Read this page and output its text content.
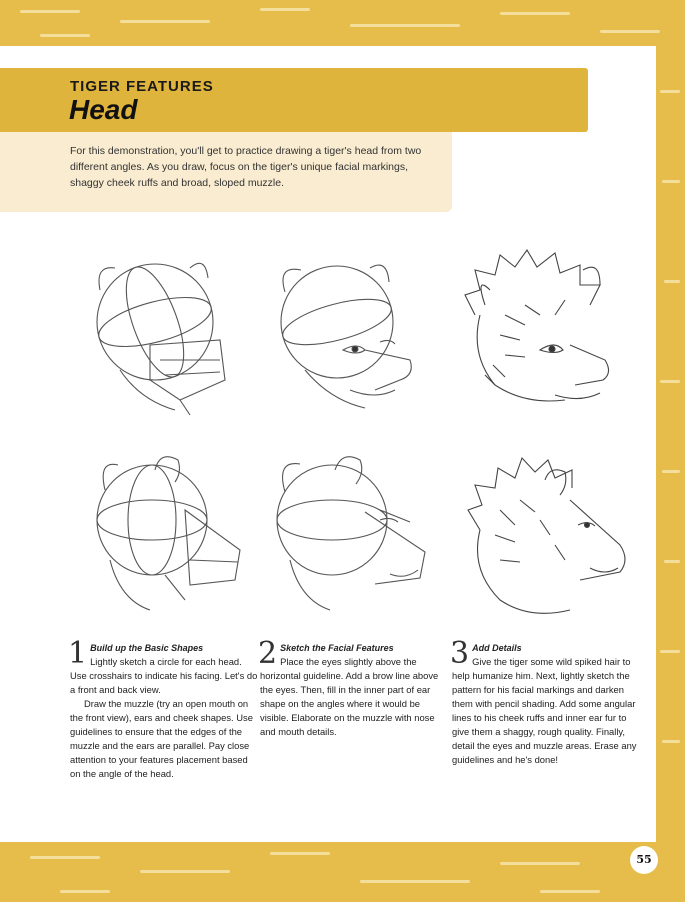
TIGER FEATURES
Head
For this demonstration, you'll get to practice drawing a tiger's head from two different angles. As you draw, focus on the tiger's unique facial markings, shaggy cheek ruffs and broad, sloped muzzle.
1 Build up the Basic Shapes

Lightly sketch a circle for each head. Use crosshairs to indicate his facing. Let's do a front and back view.

Draw the muzzle (try an open mouth on the front view), ears and cheek shapes. Use guidelines to ensure that the edges of the muzzle and the ears are parallel. Pay close attention to your features placement based on the angle of the head.

2 Sketch the Facial Features

Place the eyes slightly above the horizontal guideline. Add a brow line above the eyes. Then, fill in the inner part of ear shape on the angles where it would be visible. Elaborate on the muzzle with nose and mouth details.

3 Add Details

Give the tiger some wild spiked hair to help humanize him. Next, lightly sketch the pattern for his facial markings and darken them with pencil shading. Add some angular lines to his cheek ruffs and inner ear fur to give them a shaggy, rough quality. Finally, detail the eyes and muzzle areas. Erase any guidelines and he's done!

55
